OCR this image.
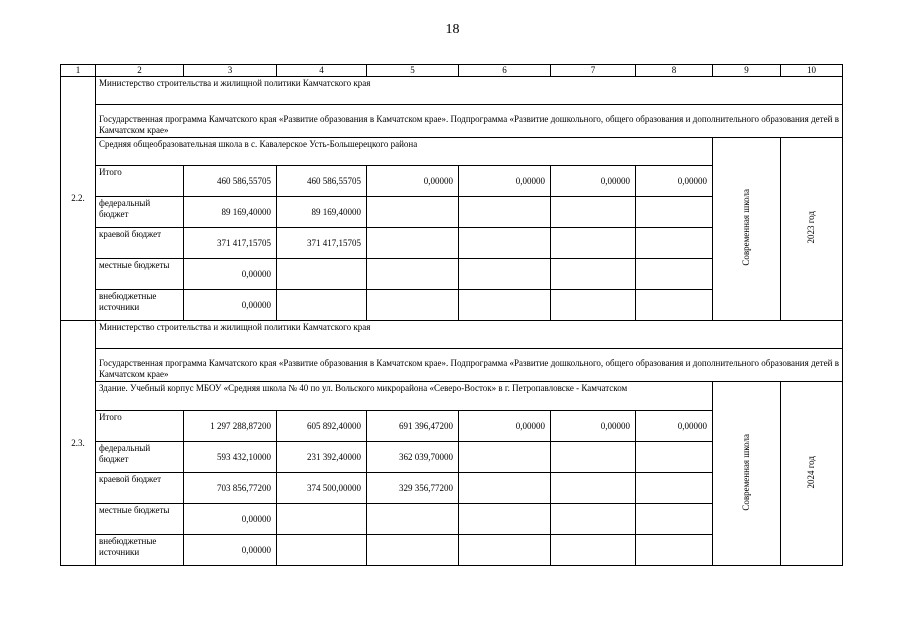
18
1	2	3	4	5	6	7	8	9	10
2.2.	Министерство строительства и жилищной политики Камчатского края								
	Государственная программа Камчатского края «Развитие образования в Камчатском крае». Подпрограмма «Развитие дошкольного, общего образования и дополнительного образования детей в Камчатском крае»								
	Средняя общеобразовательная школа в с. Кавалерское Усть-Большерецкого района							Современная школа	2023 год
	Итого	460 586,55705	460 586,55705	0,00000	0,00000	0,00000	0,00000		
	федеральный бюджет	89 169,40000	89 169,40000						
	краевой бюджет	371 417,15705	371 417,15705						
	местные бюджеты	0,00000							
	внебюджетные источники	0,00000							
2.3.	Министерство строительства и жилищной политики Камчатского края								
	Государственная программа Камчатского края «Развитие образования в Камчатском крае». Подпрограмма «Развитие дошкольного, общего образования и дополнительного образования детей в Камчатском крае»								
	Здание. Учебный корпус МБОУ «Средняя школа № 40 по ул. Вольского микрорайона «Северо-Восток» в г. Петропавловске - Камчатском							Современная школа	2024 год
	Итого	1 297 288,87200	605 892,40000	691 396,47200	0,00000	0,00000	0,00000		
	федеральный бюджет	593 432,10000	231 392,40000	362 039,70000					
	краевой бюджет	703 856,77200	374 500,00000	329 356,77200					
	местные бюджеты	0,00000							
	внебюджетные источники	0,00000							
